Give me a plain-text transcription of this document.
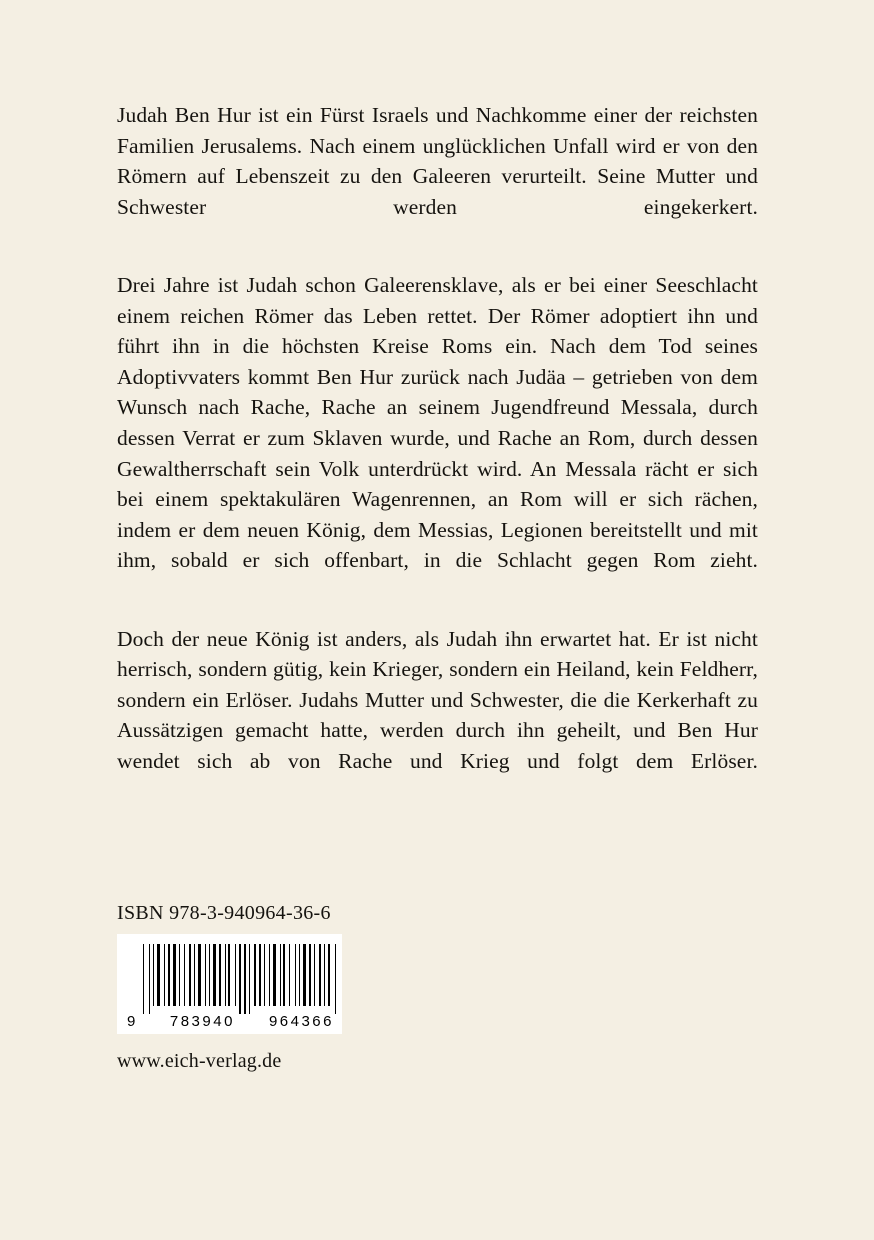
Judah Ben Hur ist ein Fürst Israels und Nachkomme einer der reichsten Familien Jerusalems. Nach einem unglücklichen Unfall wird er von den Römern auf Lebenszeit zu den Galeeren verurteilt. Seine Mutter und Schwester werden eingekerkert.

Drei Jahre ist Judah schon Galeerensklave, als er bei einer Seeschlacht einem reichen Römer das Leben rettet. Der Römer adoptiert ihn und führt ihn in die höchsten Kreise Roms ein. Nach dem Tod seines Adoptivvaters kommt Ben Hur zurück nach Judäa – getrieben von dem Wunsch nach Rache, Rache an seinem Jugendfreund Messala, durch dessen Verrat er zum Sklaven wurde, und Rache an Rom, durch dessen Gewaltherrschaft sein Volk unterdrückt wird. An Messala rächt er sich bei einem spektakulären Wagenrennen, an Rom will er sich rächen, indem er dem neuen König, dem Messias, Legionen bereitstellt und mit ihm, sobald er sich offenbart, in die Schlacht gegen Rom zieht.

Doch der neue König ist anders, als Judah ihn erwartet hat. Er ist nicht herrisch, sondern gütig, kein Krieger, sondern ein Heiland, kein Feldherr, sondern ein Erlöser. Judahs Mutter und Schwester, die die Kerkerhaft zu Aussätzigen gemacht hatte, werden durch ihn geheilt, und Ben Hur wendet sich ab von Rache und Krieg und folgt dem Erlöser.

ISBN 978-3-940964-36-6
9 783940 964366
www.eich-verlag.de
